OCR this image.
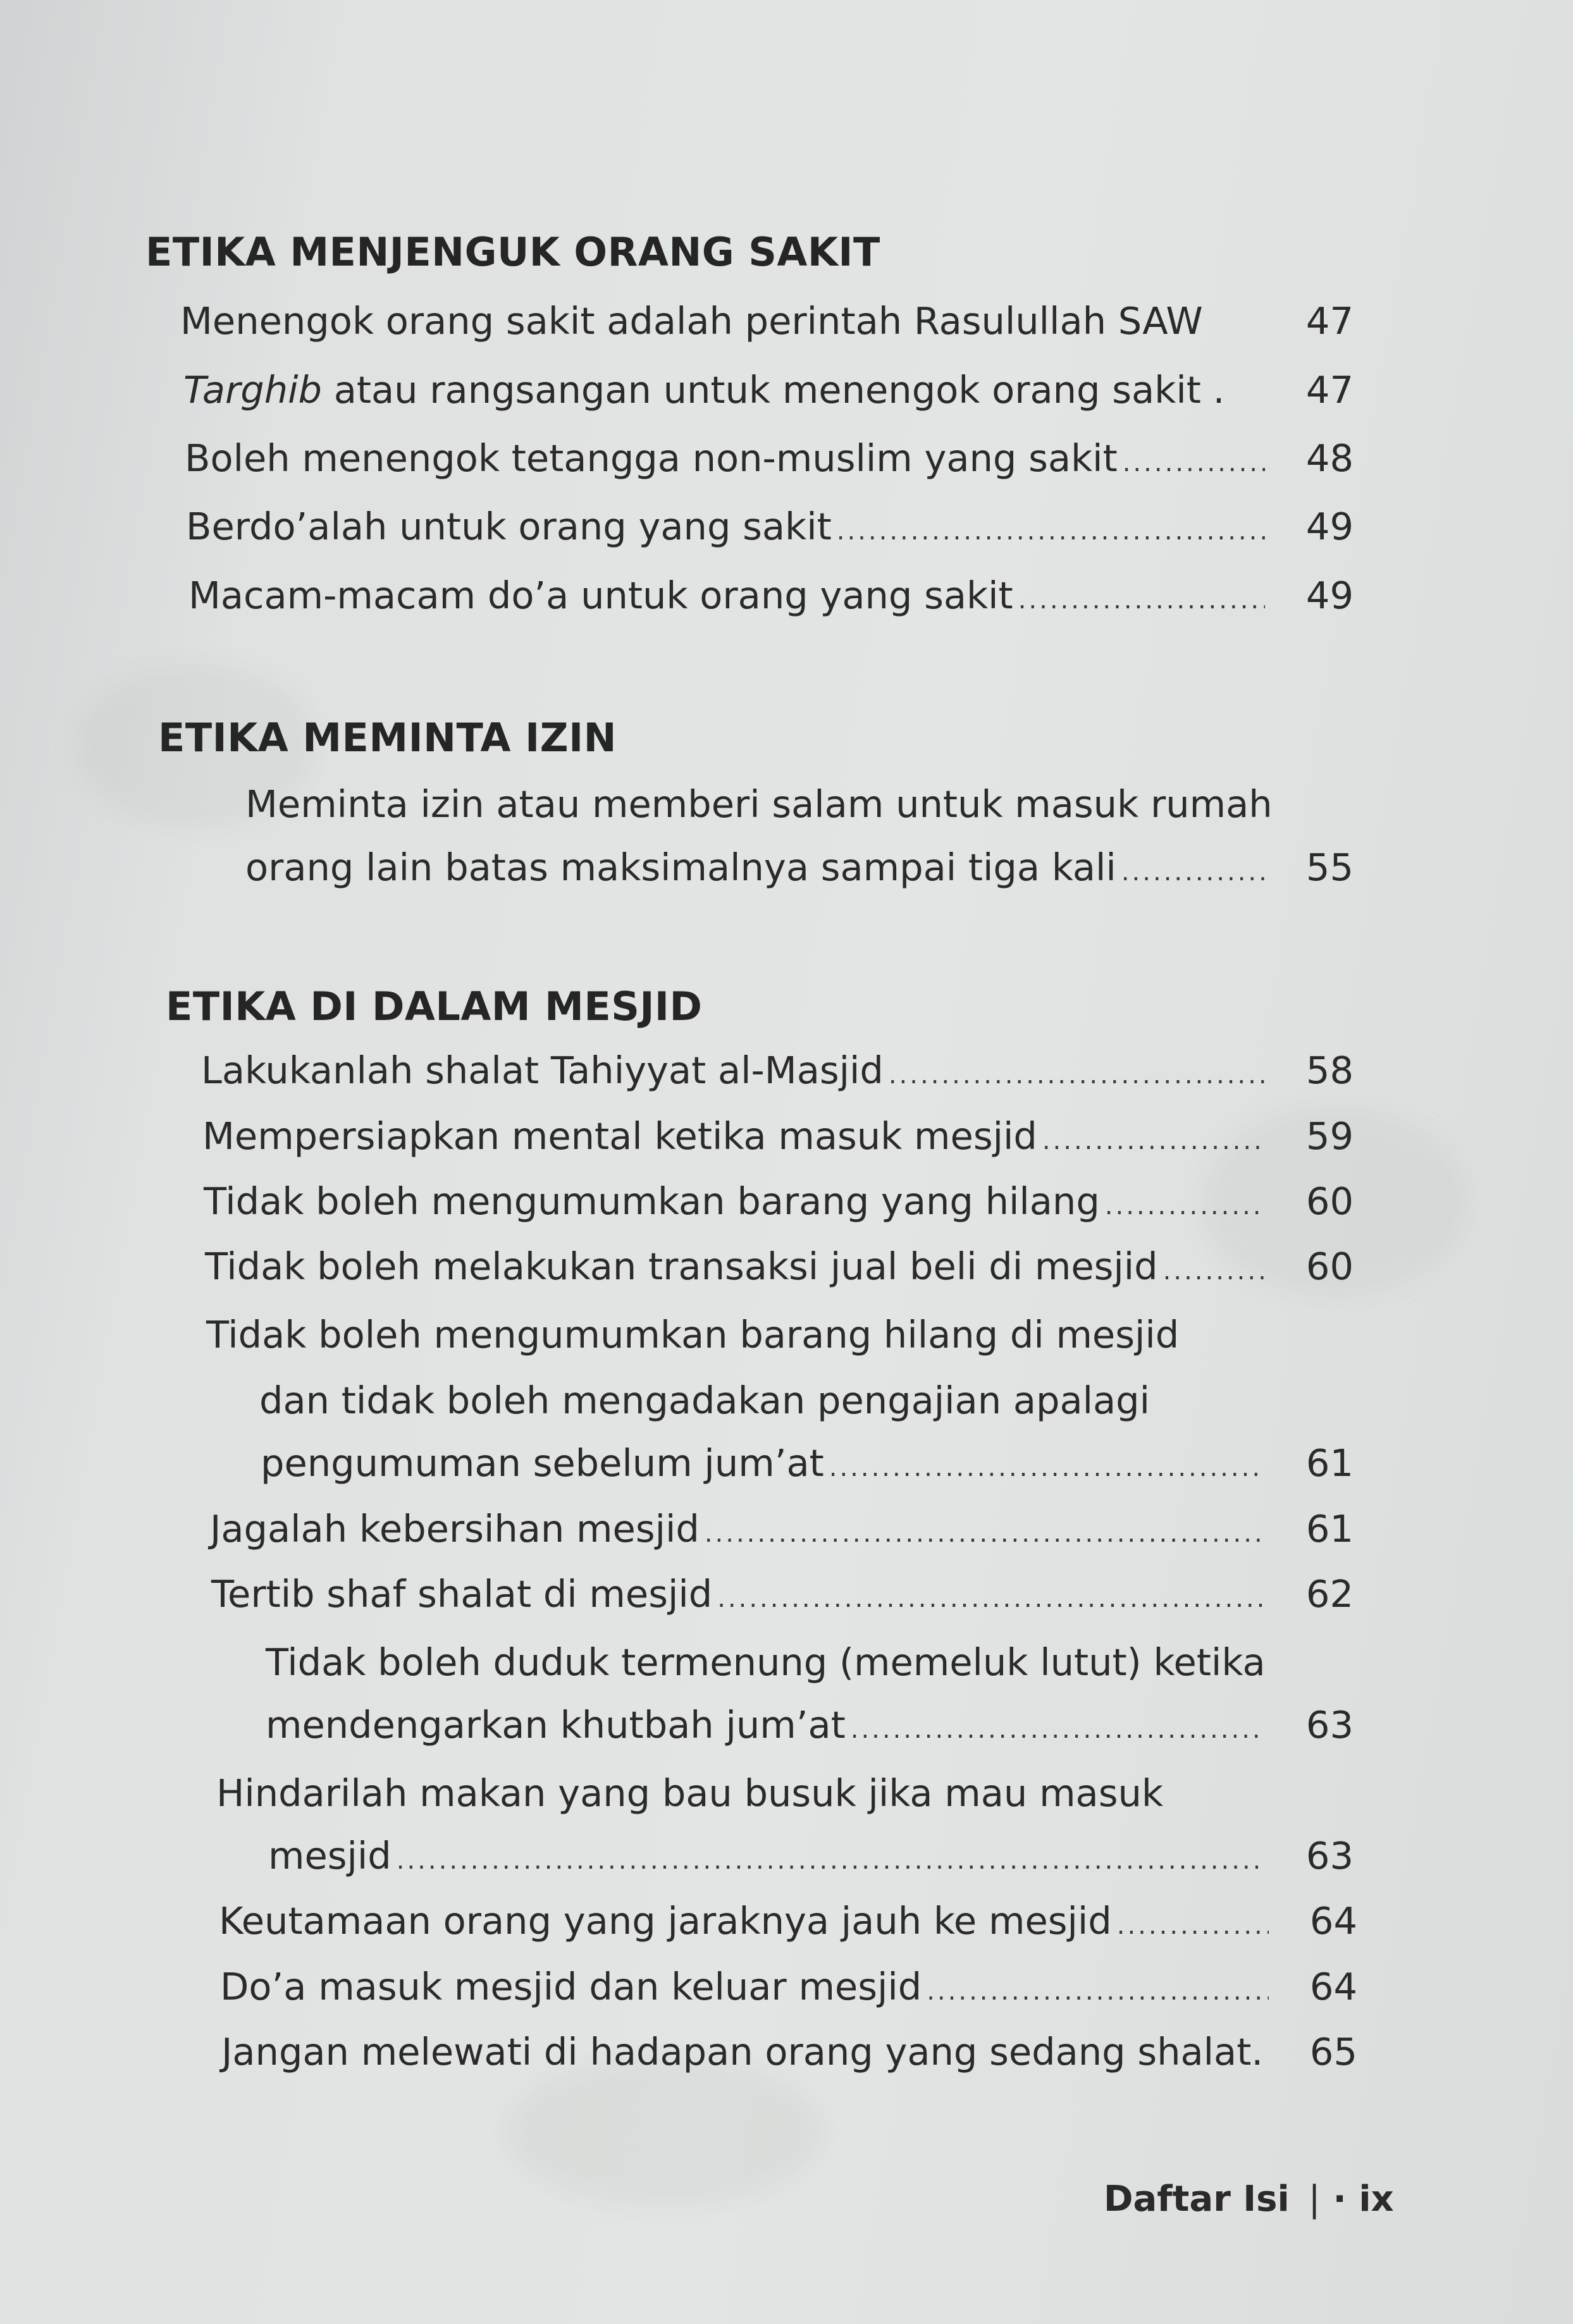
ETIKA MENJENGUK ORANG SAKIT
Menengok orang sakit adalah perintah Rasulullah SAW	47
Targhib atau rangsangan untuk menengok orang sakit .	47
Boleh menengok tetangga non-muslim yang sakit .....	48
Berdo’alah untuk orang yang sakit .....	49
Macam-macam do’a untuk orang yang sakit .....	49
ETIKA MEMINTA IZIN
Meminta izin atau memberi salam untuk masuk rumah
orang lain batas maksimalnya sampai tiga kali .....	55
ETIKA DI DALAM MESJID
Lakukanlah shalat Tahiyyat al-Masjid .....	58
Mempersiapkan mental ketika masuk mesjid .....	59
Tidak boleh mengumumkan barang yang hilang .....	60
Tidak boleh melakukan transaksi jual beli di mesjid .....	60
Tidak boleh mengumumkan barang hilang di mesjid
dan tidak boleh mengadakan pengajian apalagi
pengumuman sebelum jum’at .....	61
Jagalah kebersihan mesjid .....	61
Tertib shaf shalat di mesjid .....	62
Tidak boleh duduk termenung (memeluk lutut) ketika
mendengarkan khutbah jum’at .....	63
Hindarilah makan yang bau busuk jika mau masuk
mesjid .....	63
Keutamaan orang yang jaraknya jauh ke mesjid .....	64
Do’a masuk mesjid dan keluar mesjid .....	64
Jangan melewati di hadapan orang yang sedang shalat.	65
Daftar Isi | · ix
